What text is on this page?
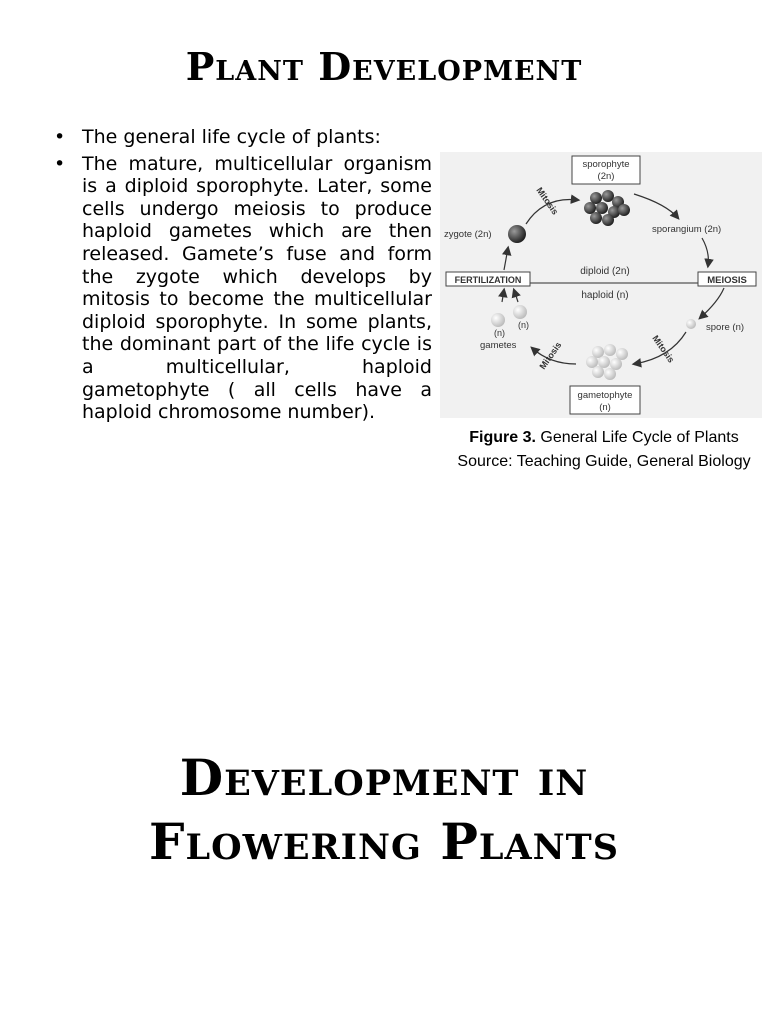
Plant Development
• The general life cycle of plants:
• The mature, multicellular organism is a diploid sporophyte. Later, some cells undergo meiosis to produce haploid gametes which are then released. Gamete’s fuse and form the zygote which develops by mitosis to become the multicellular diploid sporophyte. In some plants, the dominant part of the life cycle is a multicellular, haploid gametophyte ( all cells have a haploid chromosome number).
diploid (2n)
haploid (n)
sporophyte
(2n)
zygote (2n)
Mitosis
sporangium (2n)
MEIOSIS
spore (n)
Mitosis
gametophyte
(n)
Mitosis
(n)
(n)
gametes
FERTILIZATION
Figure 3. General Life Cycle of Plants
Source: Teaching Guide, General Biology
Development in
Flowering Plants
